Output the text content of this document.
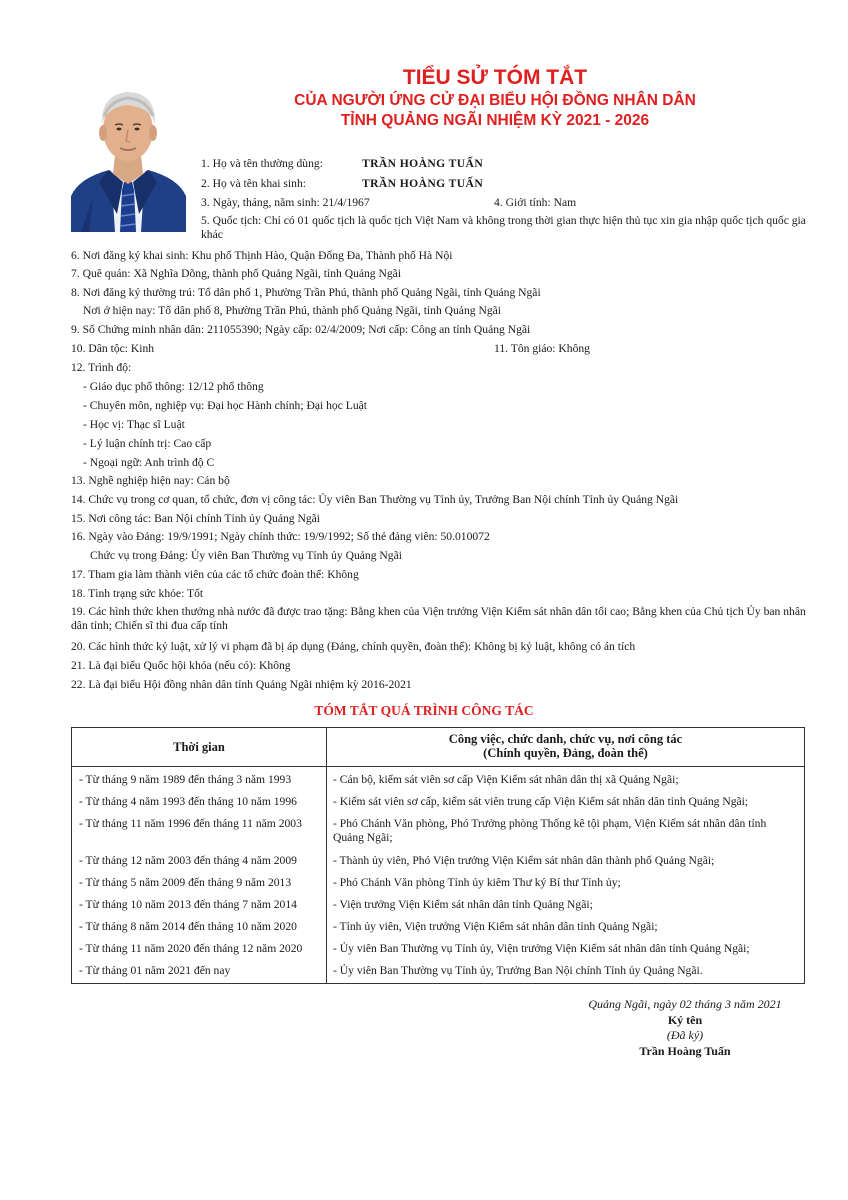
TIỂU SỬ TÓM TẮT
CỦA NGƯỜI ỨNG CỬ ĐẠI BIỂU HỘI ĐỒNG NHÂN DÂN
TỈNH QUẢNG NGÃI NHIỆM KỲ 2021 - 2026
1. Họ và tên thường dùng:	TRẦN HOÀNG TUẤN
2. Họ và tên khai sinh:	TRẦN HOÀNG TUẤN
3. Ngày, tháng, năm sinh: 21/4/1967	4. Giới tính: Nam
5. Quốc tịch: Chỉ có 01 quốc tịch là quốc tịch Việt Nam và không trong thời gian thực hiện thủ tục xin gia nhập quốc tịch quốc gia khác
6. Nơi đăng ký khai sinh: Khu phố Thịnh Hào, Quận Đống Đa, Thành phố Hà Nội
7. Quê quán: Xã Nghĩa Dõng, thành phố Quảng Ngãi, tỉnh Quảng Ngãi
8. Nơi đăng ký thường trú: Tổ dân phố 1, Phường Trần Phú, thành phố Quảng Ngãi, tỉnh Quảng Ngãi
Nơi ở hiện nay: Tổ dân phố 8, Phường Trần Phú, thành phố Quảng Ngãi, tỉnh Quảng Ngãi
9. Số Chứng minh nhân dân: 211055390; Ngày cấp: 02/4/2009; Nơi cấp: Công an tỉnh Quảng Ngãi
10. Dân tộc: Kinh	11. Tôn giáo: Không
12. Trình độ:
- Giáo dục phổ thông: 12/12 phổ thông
- Chuyên môn, nghiệp vụ: Đại học Hành chính; Đại học Luật
- Học vị: Thạc sĩ Luật
- Lý luận chính trị: Cao cấp
- Ngoại ngữ: Anh trình độ C
13. Nghề nghiệp hiện nay: Cán bộ
14. Chức vụ trong cơ quan, tổ chức, đơn vị công tác: Ủy viên Ban Thường vụ Tỉnh ủy, Trưởng Ban Nội chính Tỉnh ủy Quảng Ngãi
15. Nơi công tác: Ban Nội chính Tỉnh ủy Quảng Ngãi
16. Ngày vào Đảng: 19/9/1991; Ngày chính thức: 19/9/1992; Số thẻ đảng viên: 50.010072
Chức vụ trong Đảng: Ủy viên Ban Thường vụ Tỉnh ủy Quảng Ngãi
17. Tham gia làm thành viên của các tổ chức đoàn thể: Không
18. Tình trạng sức khỏe: Tốt
19. Các hình thức khen thưởng nhà nước đã được trao tặng: Bằng khen của Viện trưởng Viện Kiểm sát nhân dân tối cao; Bằng khen của Chủ tịch Ủy ban nhân dân tỉnh; Chiến sĩ thi đua cấp tỉnh
20. Các hình thức kỷ luật, xử lý vi phạm đã bị áp dụng (Đảng, chính quyền, đoàn thể): Không bị kỷ luật, không có án tích
21. Là đại biểu Quốc hội khóa (nếu có): Không
22. Là đại biểu Hội đồng nhân dân tỉnh Quảng Ngãi nhiệm kỳ 2016-2021
TÓM TẮT QUÁ TRÌNH CÔNG TÁC
Thời gian
Công việc, chức danh, chức vụ, nơi công tác
(Chính quyền, Đảng, đoàn thể)
- Từ tháng 9 năm 1989 đến tháng 3 năm 1993	- Cán bộ, kiểm sát viên sơ cấp Viện Kiểm sát nhân dân thị xã Quảng Ngãi;
- Từ tháng 4 năm 1993 đến tháng 10 năm 1996	- Kiểm sát viên sơ cấp, kiểm sát viên trung cấp Viện Kiểm sát nhân dân tỉnh Quảng Ngãi;
- Từ tháng 11 năm 1996 đến tháng 11 năm 2003	- Phó Chánh Văn phòng, Phó Trưởng phòng Thống kê tội phạm, Viện Kiểm sát nhân dân tỉnh Quảng Ngãi;
- Từ tháng 12 năm 2003 đến tháng 4 năm 2009	- Thành ủy viên, Phó Viện trưởng Viện Kiểm sát nhân dân thành phố Quảng Ngãi;
- Từ tháng 5 năm 2009 đến tháng 9 năm 2013	- Phó Chánh Văn phòng Tỉnh ủy kiêm Thư ký Bí thư Tỉnh ủy;
- Từ tháng 10 năm 2013 đến tháng 7 năm 2014	- Viện trưởng Viện Kiểm sát nhân dân tỉnh Quảng Ngãi;
- Từ tháng 8 năm 2014 đến tháng 10 năm 2020	- Tỉnh ủy viên, Viện trưởng Viện Kiểm sát nhân dân tỉnh Quảng Ngãi;
- Từ tháng 11 năm 2020 đến tháng 12 năm 2020	- Ủy viên Ban Thường vụ Tỉnh ủy, Viện trưởng Viện Kiểm sát nhân dân tỉnh Quảng Ngãi;
- Từ tháng 01 năm 2021 đến nay	- Ủy viên Ban Thường vụ Tỉnh ủy, Trưởng Ban Nội chính Tỉnh ủy Quảng Ngãi.
Quảng Ngãi, ngày 02 tháng 3 năm 2021
Ký tên
(Đã ký)
Trần Hoàng Tuấn
